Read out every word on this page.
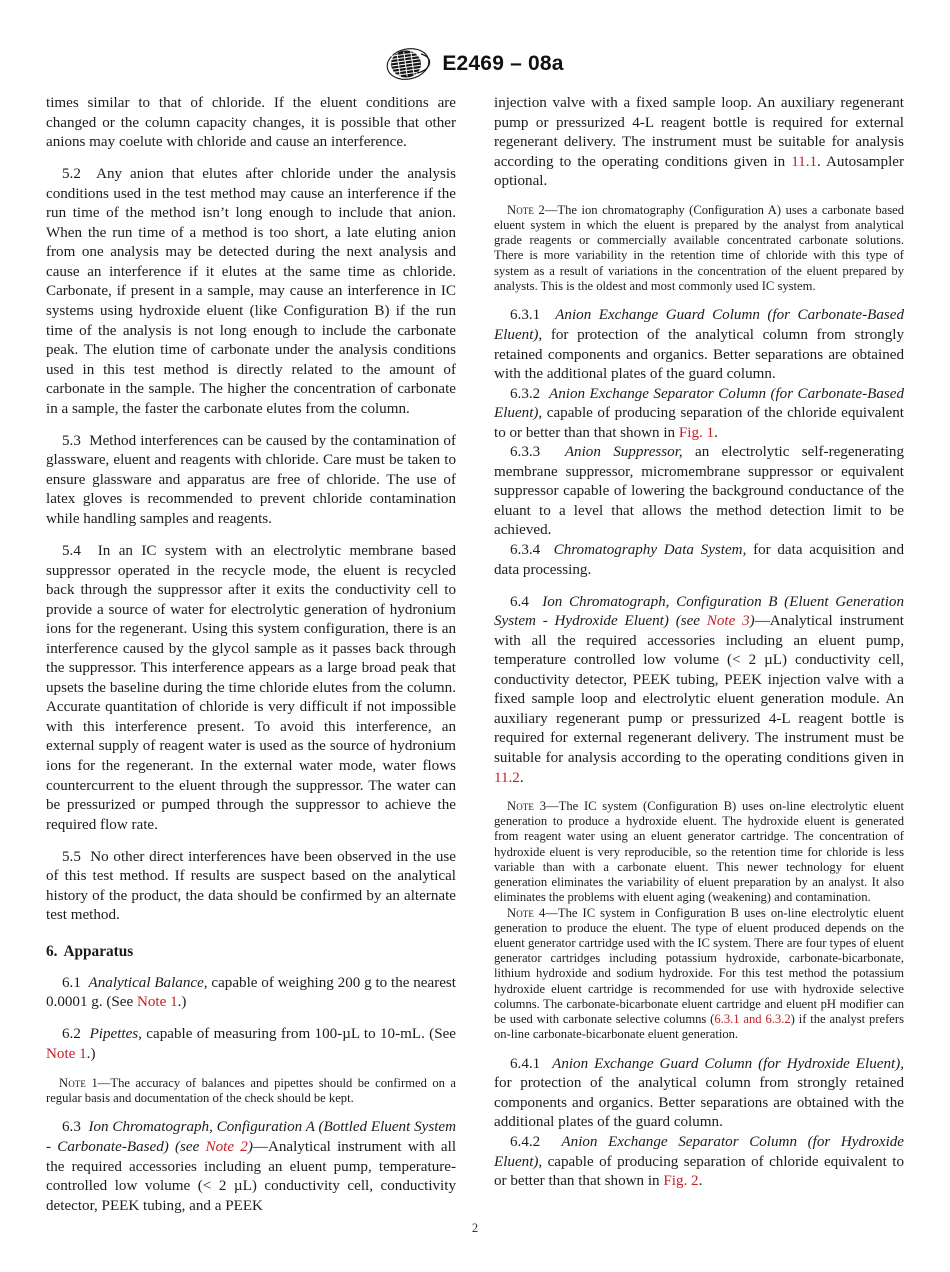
E2469 – 08a

times similar to that of chloride. If the eluent conditions are changed or the column capacity changes, it is possible that other anions may coelute with chloride and cause an interference.

5.2 Any anion that elutes after chloride under the analysis conditions used in the test method may cause an interference if the run time of the method isn’t long enough to include that anion. When the run time of a method is too short, a late eluting anion from one analysis may be detected during the next analysis and cause an interference if it elutes at the same time as chloride. Carbonate, if present in a sample, may cause an interference in IC systems using hydroxide eluent (like Configuration B) if the run time of the analysis is not long enough to include the carbonate peak. The elution time of carbonate under the analysis conditions used in this test method is directly related to the amount of carbonate in the sample. The higher the concentration of carbonate in a sample, the faster the carbonate elutes from the column.

5.3 Method interferences can be caused by the contamination of glassware, eluent and reagents with chloride. Care must be taken to ensure glassware and apparatus are free of chloride. The use of latex gloves is recommended to prevent chloride contamination while handling samples and reagents.

5.4 In an IC system with an electrolytic membrane based suppressor operated in the recycle mode, the eluent is recycled back through the suppressor after it exits the conductivity cell to provide a source of water for electrolytic generation of hydronium ions for the regenerant. Using this system configuration, there is an interference caused by the glycol sample as it passes back through the suppressor. This interference appears as a large broad peak that upsets the baseline during the time chloride elutes from the column. Accurate quantitation of chloride is very difficult if not impossible with this interference present. To avoid this interference, an external supply of reagent water is used as the source of hydronium ions for the regenerant. In the external water mode, water flows countercurrent to the eluent through the suppressor. The water can be pressurized or pumped through the suppressor to achieve the required flow rate.

5.5 No other direct interferences have been observed in the use of this test method. If results are suspect based on the analytical history of the product, the data should be confirmed by an alternate test method.

6. Apparatus

6.1 Analytical Balance, capable of weighing 200 g to the nearest 0.0001 g. (See Note 1.)

6.2 Pipettes, capable of measuring from 100-µL to 10-mL. (See Note 1.)

Note 1—The accuracy of balances and pipettes should be confirmed on a regular basis and documentation of the check should be kept.

6.3 Ion Chromatograph, Configuration A (Bottled Eluent System - Carbonate-Based) (see Note 2)—Analytical instrument with all the required accessories including an eluent pump, temperature-controlled low volume (< 2 µL) conductivity cell, conductivity detector, PEEK tubing, and a PEEK

injection valve with a fixed sample loop. An auxiliary regenerant pump or pressurized 4-L reagent bottle is required for external regenerant delivery. The instrument must be suitable for analysis according to the operating conditions given in 11.1. Autosampler optional.

Note 2—The ion chromatography (Configuration A) uses a carbonate based eluent system in which the eluent is prepared by the analyst from analytical grade reagents or commercially available concentrated carbonate solutions. There is more variability in the retention time of chloride with this type of system as a result of variations in the concentration of the eluent prepared by analysts. This is the oldest and most commonly used IC system.

6.3.1 Anion Exchange Guard Column (for Carbonate-Based Eluent), for protection of the analytical column from strongly retained components and organics. Better separations are obtained with the additional plates of the guard column.

6.3.2 Anion Exchange Separator Column (for Carbonate-Based Eluent), capable of producing separation of the chloride equivalent to or better than that shown in Fig. 1.

6.3.3 Anion Suppressor, an electrolytic self-regenerating membrane suppressor, micromembrane suppressor or equivalent suppressor capable of lowering the background conductance of the eluant to a level that allows the method detection limit to be achieved.

6.3.4 Chromatography Data System, for data acquisition and data processing.

6.4 Ion Chromatograph, Configuration B (Eluent Generation System - Hydroxide Eluent) (see Note 3)—Analytical instrument with all the required accessories including an eluent pump, temperature controlled low volume (< 2 µL) conductivity cell, conductivity detector, PEEK tubing, PEEK injection valve with a fixed sample loop and electrolytic eluent generation module. An auxiliary regenerant pump or pressurized 4-L reagent bottle is required for external regenerant delivery. The instrument must be suitable for analysis according to the operating conditions given in 11.2.

Note 3—The IC system (Configuration B) uses on-line electrolytic eluent generation to produce a hydroxide eluent. The hydroxide eluent is generated from reagent water using an eluent generator cartridge. The concentration of hydroxide eluent is very reproducible, so the retention time for chloride is less variable than with a carbonate eluent. This newer technology for eluent generation eliminates the variability of eluent preparation by an analyst. It also eliminates the problems with eluent aging (weakening) and contamination.

Note 4—The IC system in Configuration B uses on-line electrolytic eluent generation to produce the eluent. The type of eluent produced depends on the eluent generator cartridge used with the IC system. There are four types of eluent generator cartridges including potassium hydroxide, carbonate-bicarbonate, lithium hydroxide and sodium hydroxide. For this test method the potassium hydroxide eluent cartridge is recommended for use with hydroxide selective columns. The carbonate-bicarbonate eluent cartridge and eluent pH modifier can be used with carbonate selective columns (6.3.1 and 6.3.2) if the analyst prefers on-line carbonate-bicarbonate eluent generation.

6.4.1 Anion Exchange Guard Column (for Hydroxide Eluent), for protection of the analytical column from strongly retained components and organics. Better separations are obtained with the additional plates of the guard column.

6.4.2 Anion Exchange Separator Column (for Hydroxide Eluent), capable of producing separation of chloride equivalent to or better than that shown in Fig. 2.

2
